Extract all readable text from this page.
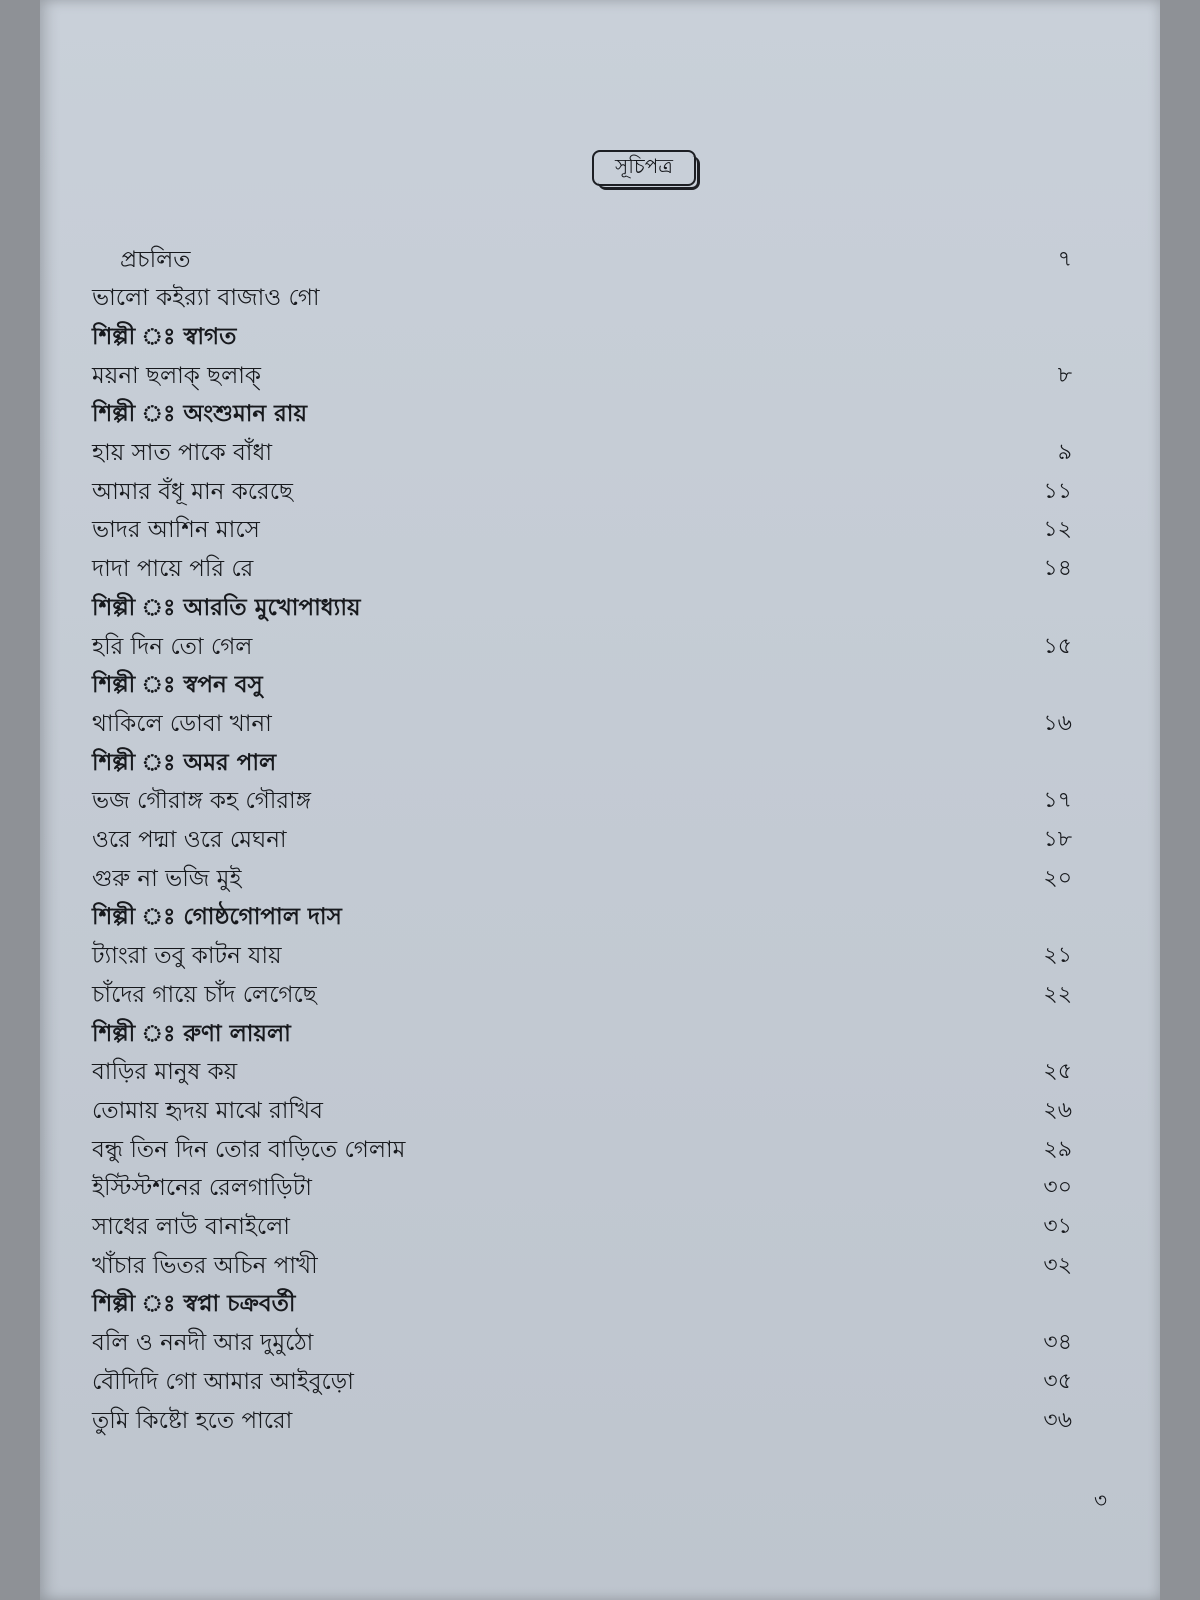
সূচিপত্র
প্রচলিত	৭
ভালো কইর‍্যা বাজাও গো
শিল্পী ঃ স্বাগত
ময়না ছলাক্ ছলাক্	৮
শিল্পী ঃ অংশুমান রায়
হায় সাত পাকে বাঁধা	৯
আমার বঁধূ মান করেছে	১১
ভাদর আশিন মাসে	১২
দাদা পায়ে পরি রে	১৪
শিল্পী ঃ আরতি মুখোপাধ্যায়
হরি দিন তো গেল	১৫
শিল্পী ঃ স্বপন বসু
থাকিলে ডোবা খানা	১৬
শিল্পী ঃ অমর পাল
ভজ গৌরাঙ্গ কহ গৌরাঙ্গ	১৭
ওরে পদ্মা ওরে মেঘনা	১৮
গুরু না ভজি মুই	২০
শিল্পী ঃ গোষ্ঠগোপাল দাস
ট্যাংরা তবু কাটন যায়	২১
চাঁদের গায়ে চাঁদ লেগেছে	২২
শিল্পী ঃ রুণা লায়লা
বাড়ির মানুষ কয়	২৫
তোমায় হৃদয় মাঝে রাখিব	২৬
বন্ধু তিন দিন তোর বাড়িতে গেলাম	২৯
ইস্টিস্টশনের রেলগাড়িটা	৩০
সাধের লাউ বানাইলো	৩১
খাঁচার ভিতর অচিন পাখী	৩২
শিল্পী ঃ স্বপ্না চক্রবর্তী
বলি ও ননদী আর দুমুঠো	৩৪
বৌদিদি গো আমার আইবুড়ো	৩৫
তুমি কিষ্টো হতে পারো	৩৬
৩
